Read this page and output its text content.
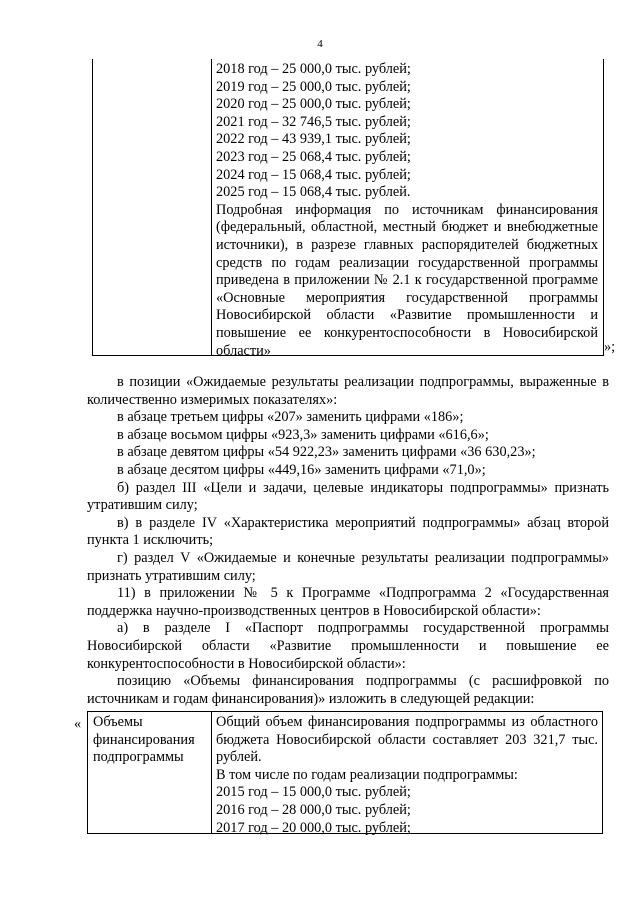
4
2018 год – 25 000,0 тыс. рублей;
2019 год – 25 000,0 тыс. рублей;
2020 год – 25 000,0 тыс. рублей;
2021 год – 32 746,5 тыс. рублей;
2022 год – 43 939,1 тыс. рублей;
2023 год – 25 068,4 тыс. рублей;
2024 год – 15 068,4 тыс. рублей;
2025 год – 15 068,4 тыс. рублей.
Подробная информация по источникам финансирования (федеральный, областной, местный бюджет и внебюджетные источники), в разрезе главных распорядителей бюджетных средств по годам реализации государственной программы приведена в приложении № 2.1 к государственной программе «Основные мероприятия государственной программы Новосибирской области «Развитие промышленности и повышение ее конкурентоспособности в Новосибирской области»	»;

в позиции «Ожидаемые результаты реализации подпрограммы, выраженные в количественно измеримых показателях»:

в абзаце третьем цифры «207» заменить цифрами «186»;

в абзаце восьмом цифры «923,3» заменить цифрами «616,6»;

в абзаце девятом цифры «54 922,23» заменить цифрами «36 630,23»;

в абзаце десятом цифры «449,16» заменить цифрами «71,0»;

б) раздел III «Цели и задачи, целевые индикаторы подпрограммы» признать утратившим силу;

в) в разделе IV «Характеристика мероприятий подпрограммы» абзац второй пункта 1 исключить;

г) раздел V «Ожидаемые и конечные результаты реализации подпрограммы» признать утратившим силу;

11) в приложении № 5 к Программе «Подпрограмма 2 «Государственная поддержка научно-производственных центров в Новосибирской области»:

а) в разделе I «Паспорт подпрограммы государственной программы Новосибирской области «Развитие промышленности и повышение ее конкурентоспособности в Новосибирской области»:

позицию «Объемы финансирования подпрограммы (с расшифровкой по источникам и годам финансирования)» изложить в следующей редакции:

« Объемы финансирования подпрограммы
Общий объем финансирования подпрограммы из областного бюджета Новосибирской области составляет 203 321,7 тыс. рублей.
В том числе по годам реализации подпрограммы:
2015 год – 15 000,0 тыс. рублей;
2016 год – 28 000,0 тыс. рублей;
2017 год – 20 000,0 тыс. рублей;
